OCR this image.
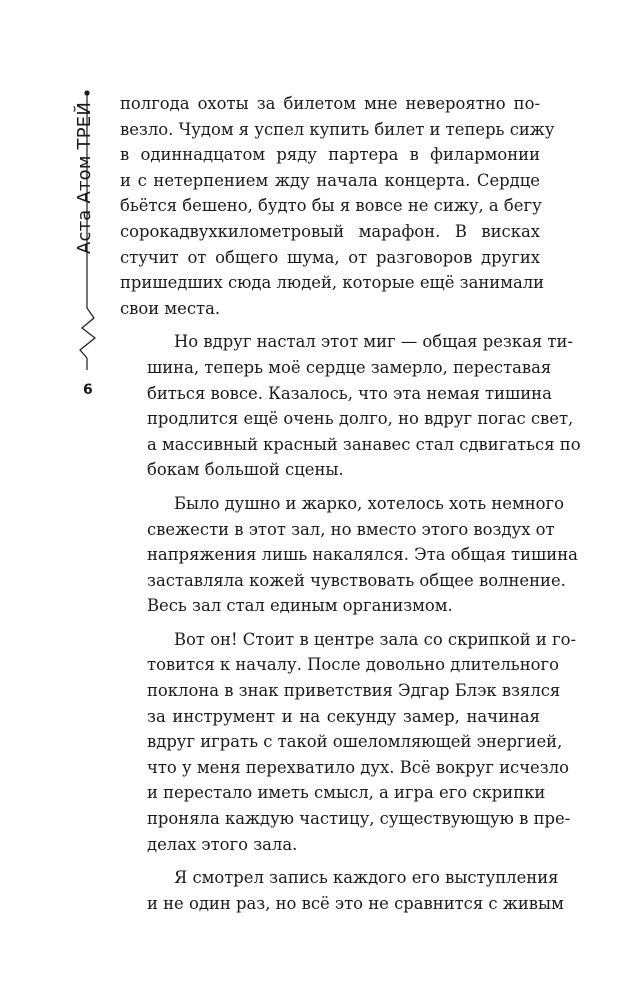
Аста Атом ТРЕЙ
6
полгода охоты за билетом мне невероятно по-
везло. Чудом я успел купить билет и теперь сижу
в одиннадцатом ряду партера в филармонии
и с нетерпением жду начала концерта. Сердце
бьётся бешено, будто бы я вовсе не сижу, а бегу
сорокадвухкилометровый марафон. В висках
стучит от общего шума, от разговоров других
пришедших сюда людей, которые ещё занимали
свои места.
Но вдруг настал этот миг — общая резкая ти-
шина, теперь моё сердце замерло, переставая
биться вовсе. Казалось, что эта немая тишина
продлится ещё очень долго, но вдруг погас свет,
а массивный красный занавес стал сдвигаться по
бокам большой сцены.
Было душно и жарко, хотелось хоть немного
свежести в этот зал, но вместо этого воздух от
напряжения лишь накалялся. Эта общая тишина
заставляла кожей чувствовать общее волнение.
Весь зал стал единым организмом.
Вот он! Стоит в центре зала со скрипкой и го-
товится к началу. После довольно длительного
поклона в знак приветствия Эдгар Блэк взялся
за инструмент и на секунду замер, начиная
вдруг играть с такой ошеломляющей энергией,
что у меня перехватило дух. Всё вокруг исчезло
и перестало иметь смысл, а игра его скрипки
проняла каждую частицу, существующую в пре-
делах этого зала.
Я смотрел запись каждого его выступления
и не один раз, но всё это не сравнится с живым
